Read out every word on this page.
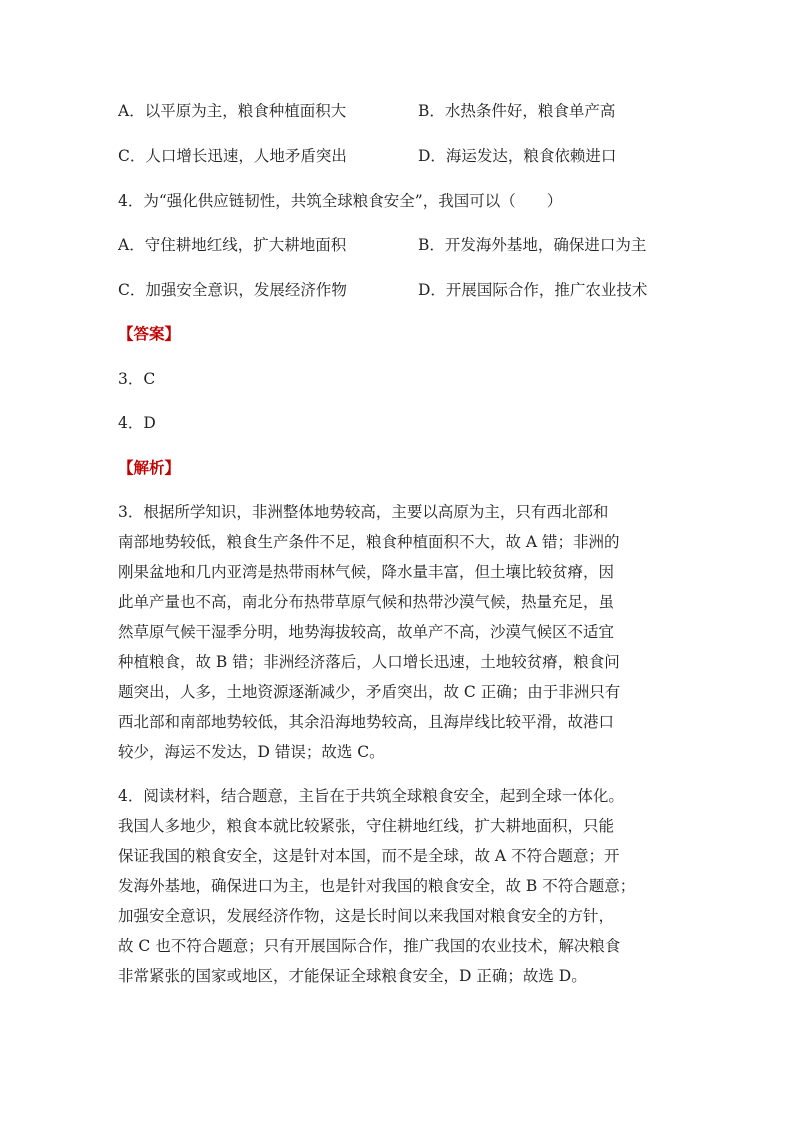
A．以平原为主，粮食种植面积大	B．水热条件好，粮食单产高
C．人口增长迅速，人地矛盾突出	D．海运发达，粮食依赖进口
4．为“强化供应链韧性，共筑全球粮食安全”，我国可以（　　）
A．守住耕地红线，扩大耕地面积	B．开发海外基地，确保进口为主
C．加强安全意识，发展经济作物	D．开展国际合作，推广农业技术
【答案】
3．C
4．D
【解析】
3．根据所学知识，非洲整体地势较高，主要以高原为主，只有西北部和
南部地势较低，粮食生产条件不足，粮食种植面积不大，故 A 错；非洲的
刚果盆地和几内亚湾是热带雨林气候，降水量丰富，但土壤比较贫瘠，因
此单产量也不高，南北分布热带草原气候和热带沙漠气候，热量充足，虽
然草原气候干湿季分明，地势海拔较高，故单产不高，沙漠气候区不适宜
种植粮食，故 B 错；非洲经济落后，人口增长迅速，土地较贫瘠，粮食问
题突出，人多，土地资源逐渐减少，矛盾突出，故 C 正确；由于非洲只有
西北部和南部地势较低，其余沿海地势较高，且海岸线比较平滑，故港口
较少，海运不发达，D 错误；故选 C。
4．阅读材料，结合题意，主旨在于共筑全球粮食安全，起到全球一体化。
我国人多地少，粮食本就比较紧张，守住耕地红线，扩大耕地面积，只能
保证我国的粮食安全，这是针对本国，而不是全球，故 A 不符合题意；开
发海外基地，确保进口为主，也是针对我国的粮食安全，故 B 不符合题意；
加强安全意识，发展经济作物，这是长时间以来我国对粮食安全的方针，
故 C 也不符合题意；只有开展国际合作，推广我国的农业技术，解决粮食
非常紧张的国家或地区，才能保证全球粮食安全，D 正确；故选 D。
